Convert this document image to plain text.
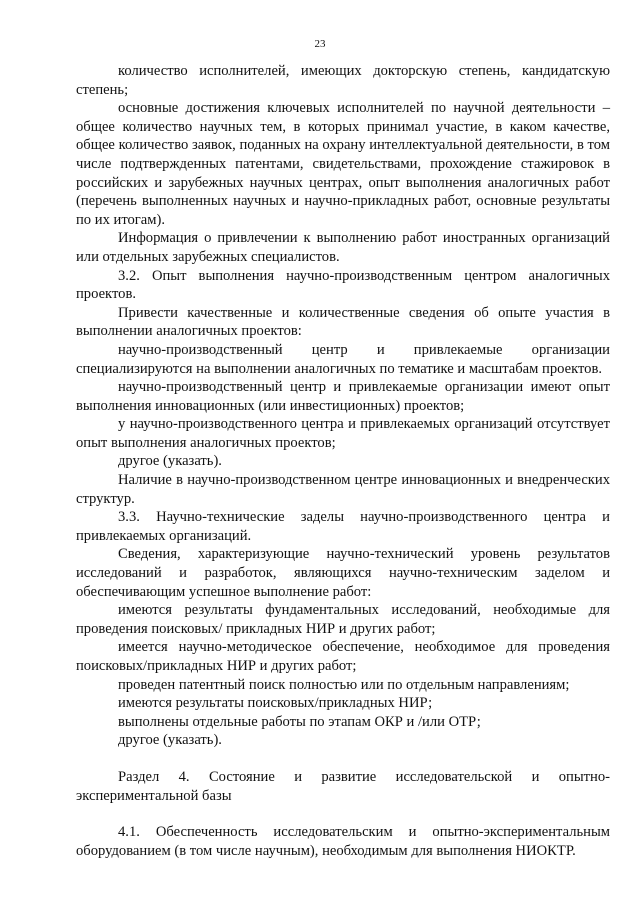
23

количество исполнителей, имеющих докторскую степень, кандидатскую степень;

основные достижения ключевых исполнителей по научной деятельности – общее количество научных тем, в которых принимал участие, в каком качестве, общее количество заявок, поданных на охрану интеллектуальной деятельности, в том числе подтвержденных патентами, свидетельствами, прохождение стажировок в российских и зарубежных научных центрах, опыт выполнения аналогичных работ (перечень выполненных научных и научно-прикладных работ, основные результаты по их итогам).

Информация о привлечении к выполнению работ иностранных организаций или отдельных зарубежных специалистов.

3.2. Опыт выполнения научно-производственным центром аналогичных проектов.

Привести качественные и количественные сведения об опыте участия в выполнении аналогичных проектов:

научно-производственный центр и привлекаемые организации специализируются на выполнении аналогичных по тематике и масштабам проектов.

научно-производственный центр и привлекаемые организации имеют опыт выполнения инновационных (или инвестиционных) проектов;

у научно-производственного центра и привлекаемых организаций отсутствует опыт выполнения аналогичных проектов;

другое (указать).

Наличие в научно-производственном центре инновационных и внедренческих структур.

3.3. Научно-технические заделы научно-производственного центра и привлекаемых организаций.

Сведения, характеризующие научно-технический уровень результатов исследований и разработок, являющихся научно-техническим заделом и обеспечивающим успешное выполнение работ:

имеются результаты фундаментальных исследований, необходимые для проведения поисковых/ прикладных НИР и других работ;

имеется научно-методическое обеспечение, необходимое для проведения поисковых/прикладных НИР и других работ;

проведен патентный поиск полностью или по отдельным направлениям;

имеются результаты поисковых/прикладных НИР;

выполнены отдельные работы по этапам ОКР и /или ОТР;

другое (указать).

Раздел 4. Состояние и развитие исследовательской и опытно-экспериментальной базы

4.1. Обеспеченность исследовательским и опытно-экспериментальным оборудованием (в том числе научным), необходимым для выполнения НИОКТР.
